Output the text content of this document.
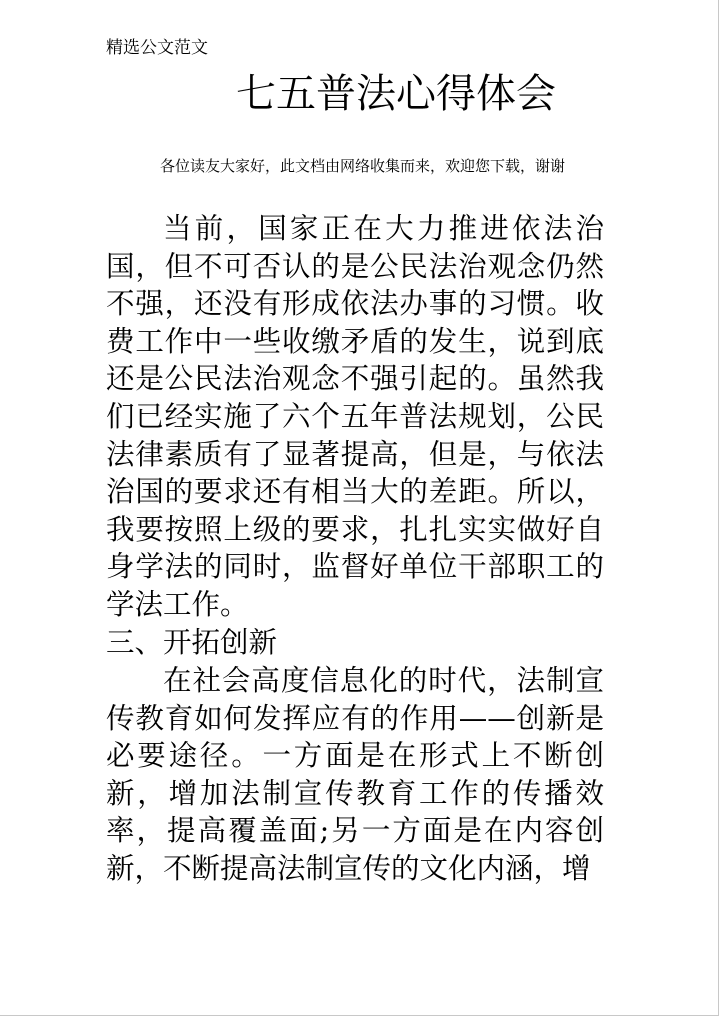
精选公文范文
七五普法心得体会
各位读友大家好，此文档由网络收集而来，欢迎您下载，谢谢

当前，国家正在大力推进依法治国，但不可否认的是公民法治观念仍然不强，还没有形成依法办事的习惯。收费工作中一些收缴矛盾的发生，说到底还是公民法治观念不强引起的。虽然我们已经实施了六个五年普法规划，公民法律素质有了显著提高，但是，与依法治国的要求还有相当大的差距。所以，我要按照上级的要求，扎扎实实做好自身学法的同时，监督好单位干部职工的学法工作。

三、开拓创新

在社会高度信息化的时代，法制宣传教育如何发挥应有的作用——创新是必要途径。一方面是在形式上不断创新，增加法制宣传教育工作的传播效率，提高覆盖面;另一方面是在内容创新，不断提高法制宣传的文化内涵，增
